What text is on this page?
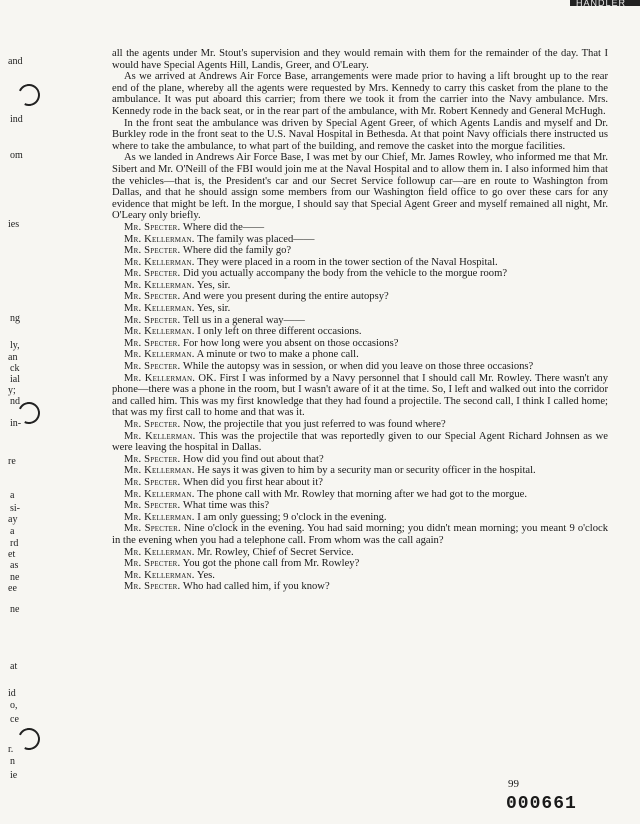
HANDLER
and
ind
om
ies
ng
ly,
an
ck
ial
y;
nd
in-
re
a
si-
ay
a
rd
et
as
ne
ee
ne
at
id
o,
ce
r.
n
ie

all the agents under Mr. Stout's supervision and they would remain with them for the remainder of the day. That I would have Special Agents Hill, Landis, Greer, and O'Leary.

As we arrived at Andrews Air Force Base, arrangements were made prior to having a lift brought up to the rear end of the plane, whereby all the agents were requested by Mrs. Kennedy to carry this casket from the plane to the ambulance. It was put aboard this carrier; from there we took it from the carrier into the Navy ambulance. Mrs. Kennedy rode in the back seat, or in the rear part of the ambulance, with Mr. Robert Kennedy and General McHugh.

In the front seat the ambulance was driven by Special Agent Greer, of which Agents Landis and myself and Dr. Burkley rode in the front seat to the U.S. Naval Hospital in Bethesda. At that point Navy officials there instructed us where to take the ambulance, to what part of the building, and remove the casket into the morgue facilities.

As we landed in Andrews Air Force Base, I was met by our Chief, Mr. James Rowley, who informed me that Mr. Sibert and Mr. O'Neill of the FBI would join me at the Naval Hospital and to allow them in. I also informed him that the vehicles—that is, the President's car and our Secret Service followup car—are en route to Washington from Dallas, and that he should assign some members from our Washington field office to go over these cars for any evidence that might be left. In the morgue, I should say that Special Agent Greer and myself remained all night, Mr. O'Leary only briefly.

Mr. Specter. Where did the——

Mr. Kellerman. The family was placed——

Mr. Specter. Where did the family go?

Mr. Kellerman. They were placed in a room in the tower section of the Naval Hospital.

Mr. Specter. Did you actually accompany the body from the vehicle to the morgue room?

Mr. Kellerman. Yes, sir.

Mr. Specter. And were you present during the entire autopsy?

Mr. Kellerman. Yes, sir.

Mr. Specter. Tell us in a general way——

Mr. Kellerman. I only left on three different occasions.

Mr. Specter. For how long were you absent on those occasions?

Mr. Kellerman. A minute or two to make a phone call.

Mr. Specter. While the autopsy was in session, or when did you leave on those three occasions?

Mr. Kellerman. OK. First I was informed by a Navy personnel that I should call Mr. Rowley. There wasn't any phone—there was a phone in the room, but I wasn't aware of it at the time. So, I left and walked out into the corridor and called him. This was my first knowledge that they had found a projectile. The second call, I think I called home; that was my first call to home and that was it.

Mr. Specter. Now, the projectile that you just referred to was found where?

Mr. Kellerman. This was the projectile that was reportedly given to our Special Agent Richard Johnsen as we were leaving the hospital in Dallas.

Mr. Specter. How did you find out about that?

Mr. Kellerman. He says it was given to him by a security man or security officer in the hospital.

Mr. Specter. When did you first hear about it?

Mr. Kellerman. The phone call with Mr. Rowley that morning after we had got to the morgue.

Mr. Specter. What time was this?

Mr. Kellerman. I am only guessing; 9 o'clock in the evening.

Mr. Specter. Nine o'clock in the evening. You had said morning; you didn't mean morning; you meant 9 o'clock in the evening when you had a telephone call. From whom was the call again?

Mr. Kellerman. Mr. Rowley, Chief of Secret Service.

Mr. Specter. You got the phone call from Mr. Rowley?

Mr. Kellerman. Yes.

Mr. Specter. Who had called him, if you know?

99
000661
